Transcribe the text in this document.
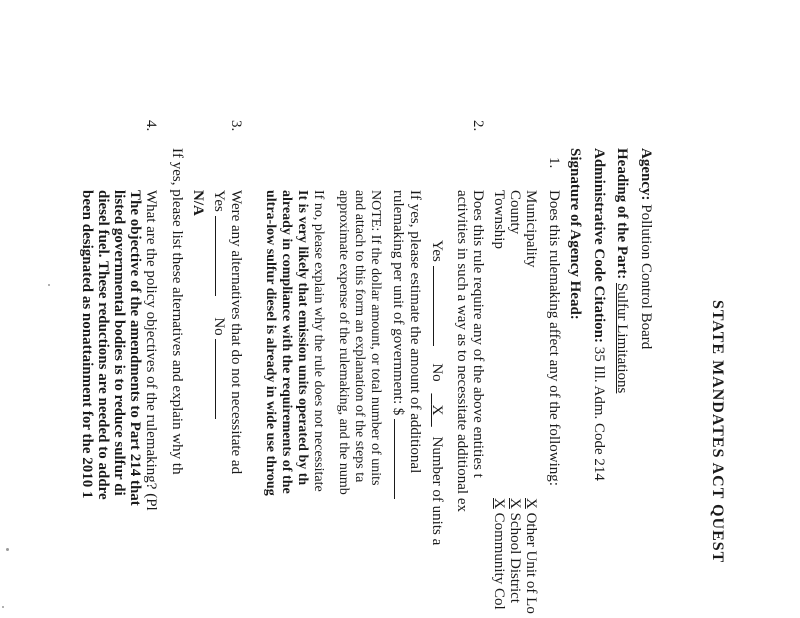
STATE MANDATES ACT QUEST
Agency: Pollution Control Board
Heading of the Part: Sulfur Limitations
Administrative Code Citation: 35 Ill. Adm. Code 214
Signature of Agency Head:
1.
Does this rulemaking affect any of the following:
Municipality
County
Township
X Other Unit of Lo
X School District
X Community Col
2.
Does this rule require any of the above entities t
activities in such a way as to necessitate additional ex
Yes  No    X    Number of units a
If yes, please estimate the amount of additional
rulemaking per unit of government: $
NOTE: If the dollar amount, or total number of units
and attach to this form an explanation of the steps ta
approximate expense of the rulemaking, and the numb
If no, please explain why the rule does not necessitate
It is very likely that emission units operated by th
already in compliance with the requirements of the
ultra-low sulfur diesel is already in wide use throug
3.
Were any alternatives that do not necessitate ad
Yes  No
N/A
If yes, please list these alternatives and explain why th
4.
What are the policy objectives of the rulemaking? (Pl
The objective of the amendments to Part 214 that
listed governmental bodies is to reduce sulfur di
diesel fuel. These reductions are needed to addre
been designated as nonattainment for the 2010 1
